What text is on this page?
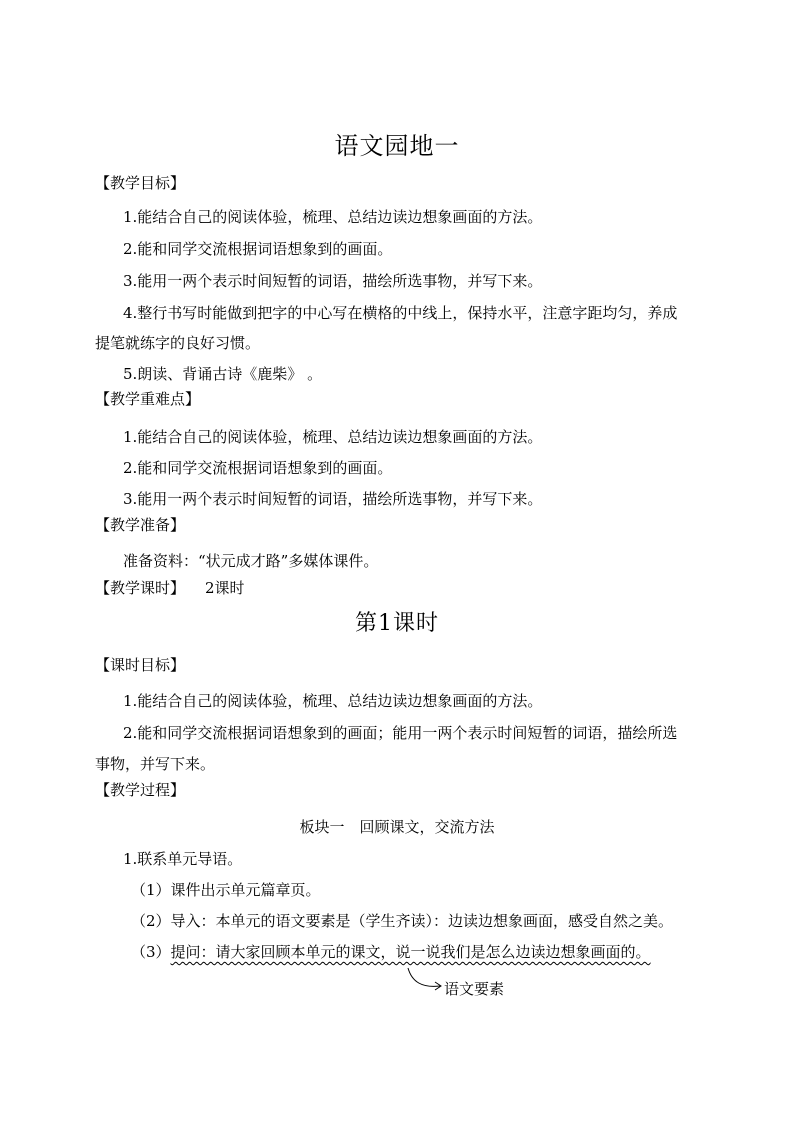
语文园地一
【教学目标】
1.能结合自己的阅读体验，梳理、总结边读边想象画面的方法。
2.能和同学交流根据词语想象到的画面。
3.能用一两个表示时间短暂的词语，描绘所选事物，并写下来。
4.整行书写时能做到把字的中心写在横格的中线上，保持水平，注意字距均匀，养成
提笔就练字的良好习惯。
5.朗读、背诵古诗《鹿柴》 。
【教学重难点】
1.能结合自己的阅读体验，梳理、总结边读边想象画面的方法。
2.能和同学交流根据词语想象到的画面。
3.能用一两个表示时间短暂的词语，描绘所选事物，并写下来。
【教学准备】
准备资料：“状元成才路”多媒体课件。
【教学课时】 2课时
第1课时
【课时目标】
1.能结合自己的阅读体验，梳理、总结边读边想象画面的方法。
2.能和同学交流根据词语想象到的画面；能用一两个表示时间短暂的词语，描绘所选
事物，并写下来。
【教学过程】
板块一　回顾课文，交流方法
1.联系单元导语。
（1）课件出示单元篇章页。
（2）导入：本单元的语文要素是（学生齐读）：边读边想象画面，感受自然之美。
（3）提问：请大家回顾本单元的课文，说一说我们是怎么边读边想象画面的。
语文要素
